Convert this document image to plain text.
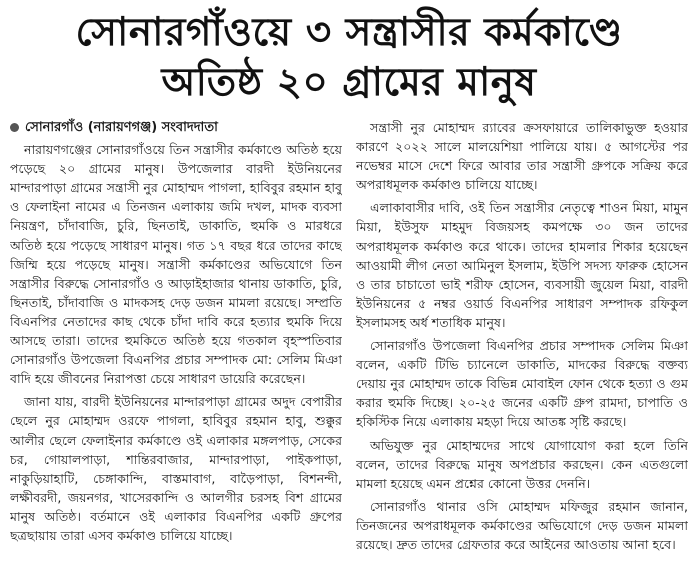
সোনারগাঁওয়ে ৩ সন্ত্রাসীর কর্মকাণ্ডে
অতিষ্ঠ ২০ গ্রামের মানুষ
সোনারগাঁও (নারায়ণগঞ্জ) সংবাদদাতা

নারায়ণগঞ্জের সোনারগাঁওয়ে তিন সন্ত্রাসীর কর্মকাণ্ডে অতিষ্ঠ হয়ে পড়েছে ২০ গ্রামের মানুষ। উপজেলার বারদী ইউনিয়নের মান্দারপাড়া গ্রামের সন্ত্রাসী নুর মোহাম্মদ পাগলা, হাবিবুর রহমান হাবু ও ফেলাইনা নামের এ তিনজন এলাকায় জমি দখল, মাদক ব্যবসা নিয়ন্ত্রণ, চাঁদাবাজি, চুরি, ছিনতাই, ডাকাতি, হুমকি ও মারধরে অতিষ্ঠ হয়ে পড়েছে সাধারণ মানুষ। গত ১৭ বছর ধরে তাদের কাছে জিম্মি হয়ে পড়েছে মানুষ। সন্ত্রাসী কর্মকাণ্ডের অভিযোগে তিন সন্ত্রাসীর বিরুদ্ধে সোনারগাঁও ও আড়াইহাজার থানায় ডাকাতি, চুরি, ছিনতাই, চাঁদাবাজি ও মাদকসহ দেড় ডজন মামলা রয়েছে। সম্প্রতি বিএনপির নেতাদের কাছ থেকে চাঁদা দাবি করে হত্যার হুমকি দিয়ে আসছে তারা। তাদের হুমকিতে অতিষ্ঠ হয়ে গতকাল বৃহস্পতিবার সোনারগাঁও উপজেলা বিএনপির প্রচার সম্পাদক মো: সেলিম মিঞা বাদি হয়ে জীবনের নিরাপত্তা চেয়ে সাধারণ ডায়েরি করেছেন।

জানা যায়, বারদী ইউনিয়নের মান্দারপাড়া গ্রামের অদুদ বেপারীর ছেলে নুর মোহাম্মদ ওরফে পাগলা, হাবিবুর রহমান হাবু, শুক্কুর আলীর ছেলে ফেলাইনার কর্মকাণ্ডে ওই এলাকার মঙ্গলপাড়, সেকের চর, গোয়ালপাড়া, শান্তিরবাজার, মান্দারপাড়া, পাইকপাড়া, নাকুড়িয়াহাটি, চেঙ্গাকান্দি, বাস্তমাবাগ, বাড়ৈপাড়া, বিশনন্দী, লক্ষীবরদী, জয়নগর, খাসেরকান্দি ও আলগীর চরসহ বিশ গ্রামের মানুষ অতিষ্ঠ। বর্তমানে ওই এলাকার বিএনপির একটি গ্রুপের ছত্রছায়ায় তারা এসব কর্মকাণ্ড চালিয়ে যাচ্ছে।

সন্ত্রাসী নুর মোহাম্মদ র‍্যাবের ক্রসফায়ারে তালিকাভুক্ত হওয়ার কারণে ২০২২ সালে মালয়েশিয়া পালিয়ে যায়। ৫ আগস্টের পর নভেম্বর মাসে দেশে ফিরে আবার তার সন্ত্রাসী গ্রুপকে সক্রিয় করে অপরাধমূলক কর্মকাণ্ড চালিয়ে যাচ্ছে।

এলাকাবাসীর দাবি, ওই তিন সন্ত্রাসীর নেতৃত্বে শাওন মিয়া, মামুন মিয়া, ইউসুফ মাহমুদ বিজয়সহ কমপক্ষে ৩০ জন তাদের অপরাধমূলক কর্মকাণ্ড করে থাকে। তাদের হামলার শিকার হয়েছেন আওয়ামী লীগ নেতা আমিনুল ইসলাম, ইউপি সদস্য ফারুক হোসেন ও তার চাচাতো ভাই শরীফ হোসেন, ব্যবসায়ী জুয়েল মিয়া, বারদী ইউনিয়নের ৫ নম্বর ওয়ার্ড বিএনপির সাধারণ সম্পাদক রফিকুল ইসলামসহ অর্ধ শতাধিক মানুষ।

সোনারগাঁও উপজেলা বিএনপির প্রচার সম্পাদক সেলিম মিঞা বলেন, একটি টিভি চ্যানেলে ডাকাতি, মাদকের বিরুদ্ধে বক্তব্য দেয়ায় নুর মোহাম্মদ তাকে বিভিন্ন মোবাইল ফোন থেকে হত্যা ও গুম করার হুমকি দিচ্ছে। ২০-২৫ জনের একটি গ্রুপ রামদা, চাপাতি ও হকিস্টিক নিয়ে এলাকায় মহড়া দিয়ে আতঙ্ক সৃষ্টি করছে।

অভিযুক্ত নুর মোহাম্মদের সাথে যোগাযোগ করা হলে তিনি বলেন, তাদের বিরুদ্ধে মানুষ অপপ্রচার করছেন। কেন এতগুলো মামলা হয়েছে এমন প্রশ্নের কোনো উত্তর দেননি।

সোনারগাঁও থানার ওসি মোহাম্মদ মফিজুর রহমান জানান, তিনজনের অপরাধমূলক কর্মকাণ্ডের অভিযোগে দেড় ডজন মামলা রয়েছে। দ্রুত তাদের গ্রেফতার করে আইনের আওতায় আনা হবে।
